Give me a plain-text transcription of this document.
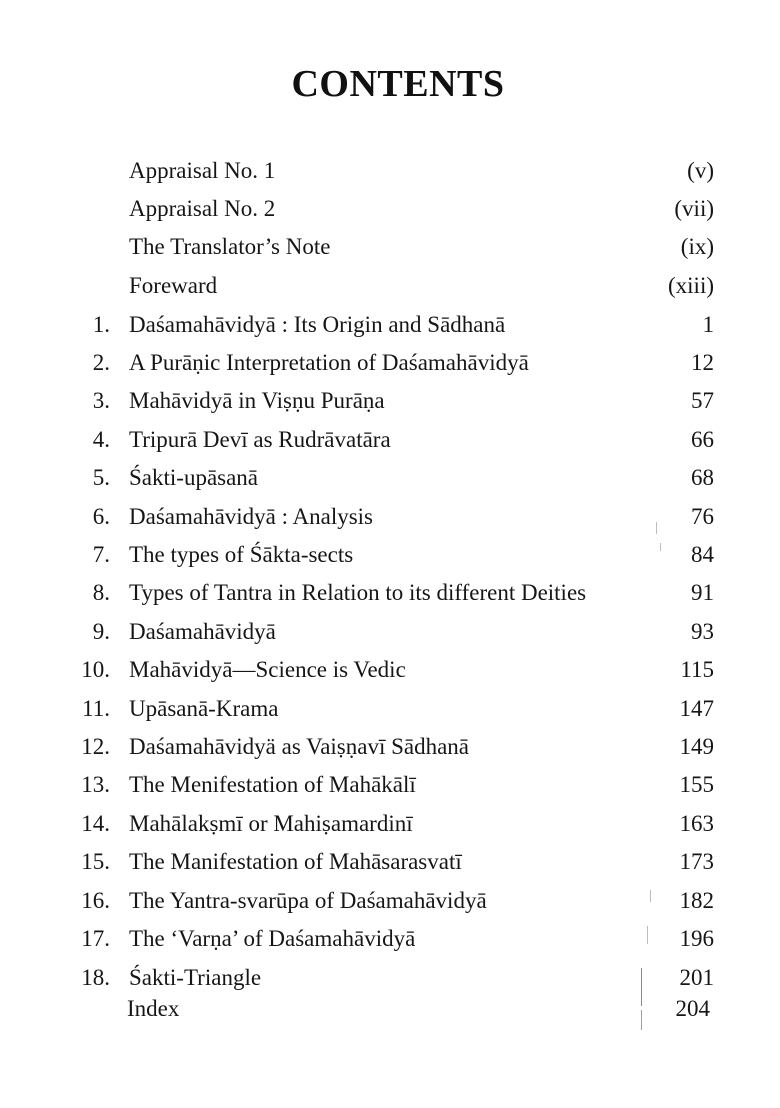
CONTENTS
Appraisal No. 1	(v)
Appraisal No. 2	(vii)
The Translator’s Note	(ix)
Foreward	(xiii)
1. Daśamahāvidyā : Its Origin and Sādhanā	1
2. A Purāṇic Interpretation of Daśamahāvidyā	12
3. Mahāvidyā in Viṣṇu Purāṇa	57
4. Tripurā Devī as Rudrāvatāra	66
5. Śakti-upāsanā	68
6. Daśamahāvidyā : Analysis	76
7. The types of Śākta-sects	84
8. Types of Tantra in Relation to its different Deities	91
9. Daśamahāvidyā	93
10. Mahāvidyā—Science is Vedic	115
11. Upāsanā-Krama	147
12. Daśamahāvidyä as Vaiṣṇavī Sādhanā	149
13. The Menifestation of Mahākālī	155
14. Mahālakṣmī or Mahiṣamardinī	163
15. The Manifestation of Mahāsarasvatī	173
16. The Yantra-svarūpa of Daśamahāvidyā	182
17. The ‘Varṇa’ of Daśamahāvidyā	196
18. Śakti-Triangle	201
Index	204
